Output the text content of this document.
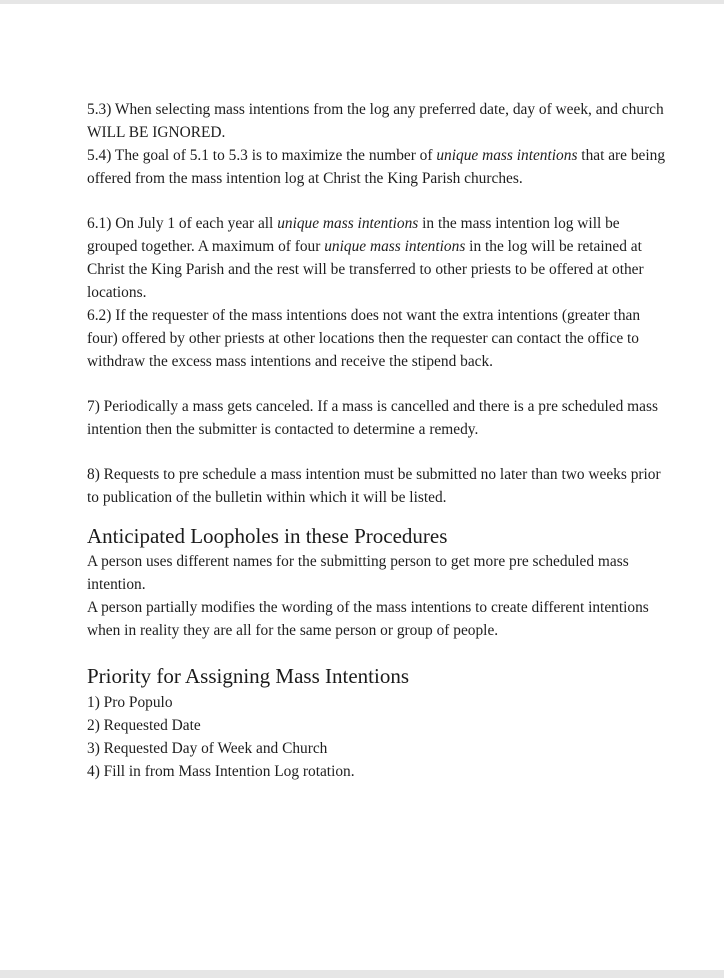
5.3) When selecting mass intentions from the log any preferred date, day of week, and church WILL BE IGNORED.

5.4) The goal of 5.1 to 5.3 is to maximize the number of unique mass intentions that are being offered from the mass intention log at Christ the King Parish churches.

6.1) On July 1 of each year all unique mass intentions in the mass intention log will be grouped together. A maximum of four unique mass intentions in the log will be retained at Christ the King Parish and the rest will be transferred to other priests to be offered at other locations.

6.2) If the requester of the mass intentions does not want the extra intentions (greater than four) offered by other priests at other locations then the requester can contact the office to withdraw the excess mass intentions and receive the stipend back.

7) Periodically a mass gets canceled. If a mass is cancelled and there is a pre scheduled mass intention then the submitter is contacted to determine a remedy.

8) Requests to pre schedule a mass intention must be submitted no later than two weeks prior to publication of the bulletin within which it will be listed.

Anticipated Loopholes in these Procedures

A person uses different names for the submitting person to get more pre scheduled mass intention.

A person partially modifies the wording of the mass intentions to create different intentions when in reality they are all for the same person or group of people.

Priority for Assigning Mass Intentions

1) Pro Populo

2) Requested Date

3) Requested Day of Week and Church

4) Fill in from Mass Intention Log rotation.
